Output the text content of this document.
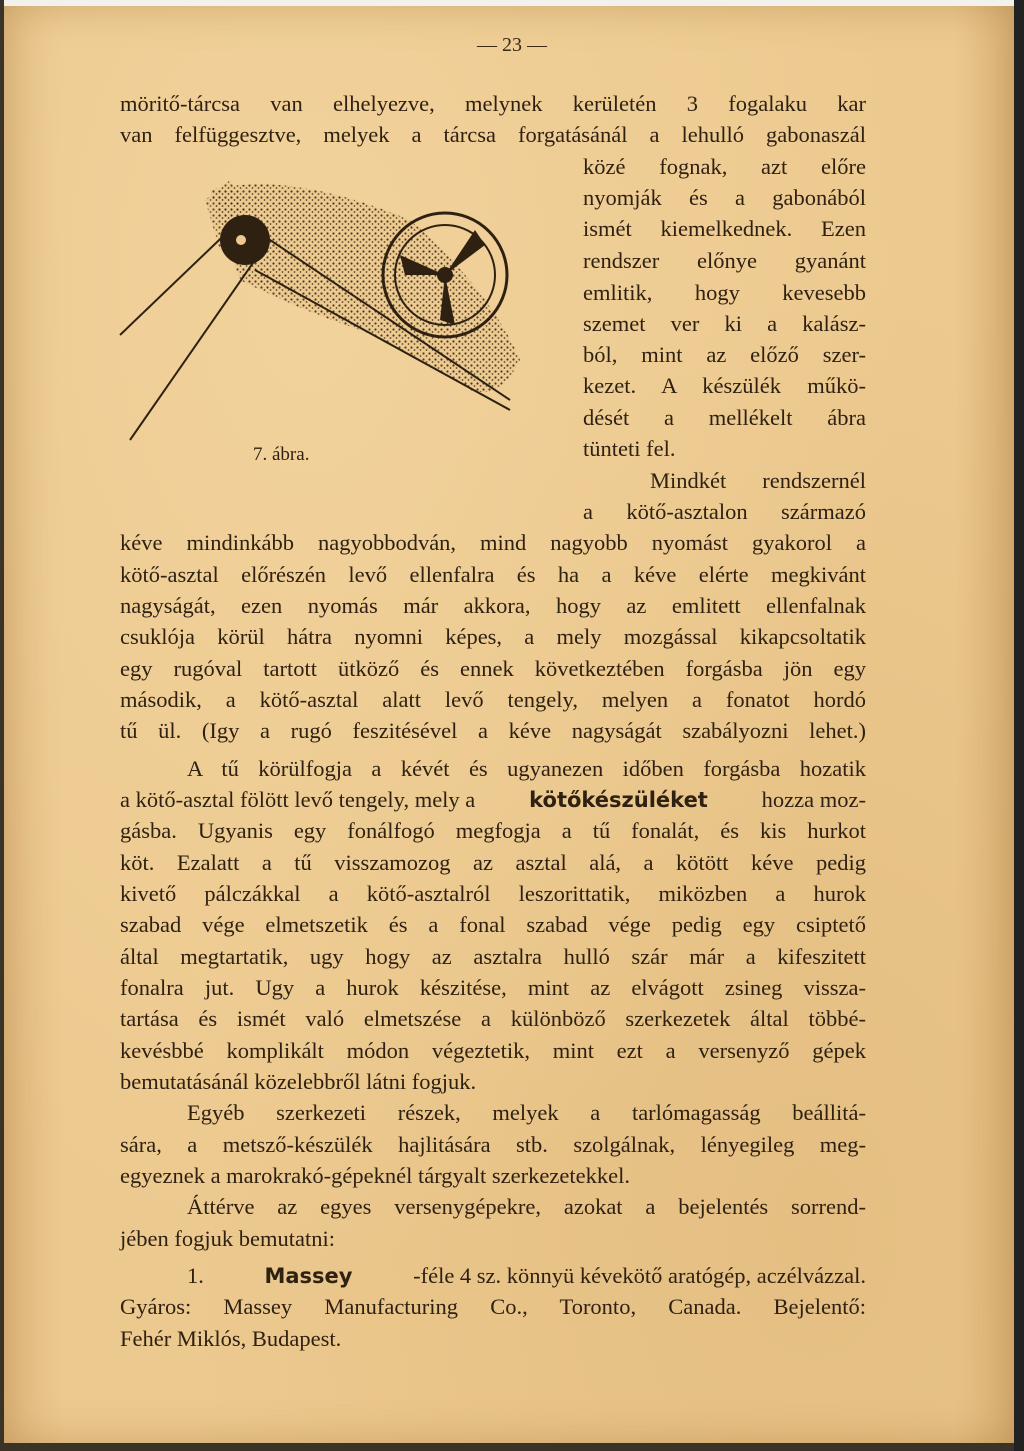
— 23 —
7. ábra.
möritő-tárcsa van elhelyezve, melynek kerületén 3 fogalaku kar
van felfüggesztve, melyek a tárcsa forgatásánál a lehulló gabonaszál
közé fognak, azt előre
nyomják és a gabonából
ismét kiemelkednek. Ezen
rendszer előnye gyanánt
emlitik, hogy kevesebb
szemet ver ki a kalász-
ból, mint az előző szer-
kezet. A készülék műkö-
dését a mellékelt ábra
tünteti fel.
Mindkét rendszernél
a kötő-asztalon származó
kéve mindinkább nagyobbodván, mind nagyobb nyomást gyakorol a
kötő-asztal előrészén levő ellenfalra és ha a kéve elérte megkivánt
nagyságát, ezen nyomás már akkora, hogy az emlitett ellenfalnak
csuklója körül hátra nyomni képes, a mely mozgással kikapcsoltatik
egy rugóval tartott ütköző és ennek következtében forgásba jön egy
második, a kötő-asztal alatt levő tengely, melyen a fonatot hordó
tű ül. (Igy a rugó feszitésével a kéve nagyságát szabályozni lehet.)
A tű körülfogja a kévét és ugyanezen időben forgásba hozatik
a kötő-asztal fölött levő tengely, mely a kötőkészüléket hozza moz-
gásba. Ugyanis egy fonálfogó megfogja a tű fonalát, és kis hurkot
köt. Ezalatt a tű visszamozog az asztal alá, a kötött kéve pedig
kivető pálczákkal a kötő-asztalról leszorittatik, miközben a hurok
szabad vége elmetszetik és a fonal szabad vége pedig egy csiptető
által megtartatik, ugy hogy az asztalra hulló szár már a kifeszitett
fonalra jut. Ugy a hurok készitése, mint az elvágott zsineg vissza-
tartása és ismét való elmetszése a különböző szerkezetek által többé-
kevésbbé komplikált módon végeztetik, mint ezt a versenyző gépek
bemutatásánál közelebbről látni fogjuk.
Egyéb szerkezeti részek, melyek a tarlómagasság beállitá-
sára, a metsző-készülék hajlitására stb. szolgálnak, lényegileg meg-
egyeznek a marokrakó-gépeknél tárgyalt szerkezetekkel.
Áttérve az egyes versenygépekre, azokat a bejelentés sorrend-
jében fogjuk bemutatni:
1.	Massey -féle 4 sz. könnyü kévekötő aratógép, aczélvázzal.
Gyáros: Massey Manufacturing Co., Toronto, Canada. Bejelentő:
Fehér Miklós, Budapest.
